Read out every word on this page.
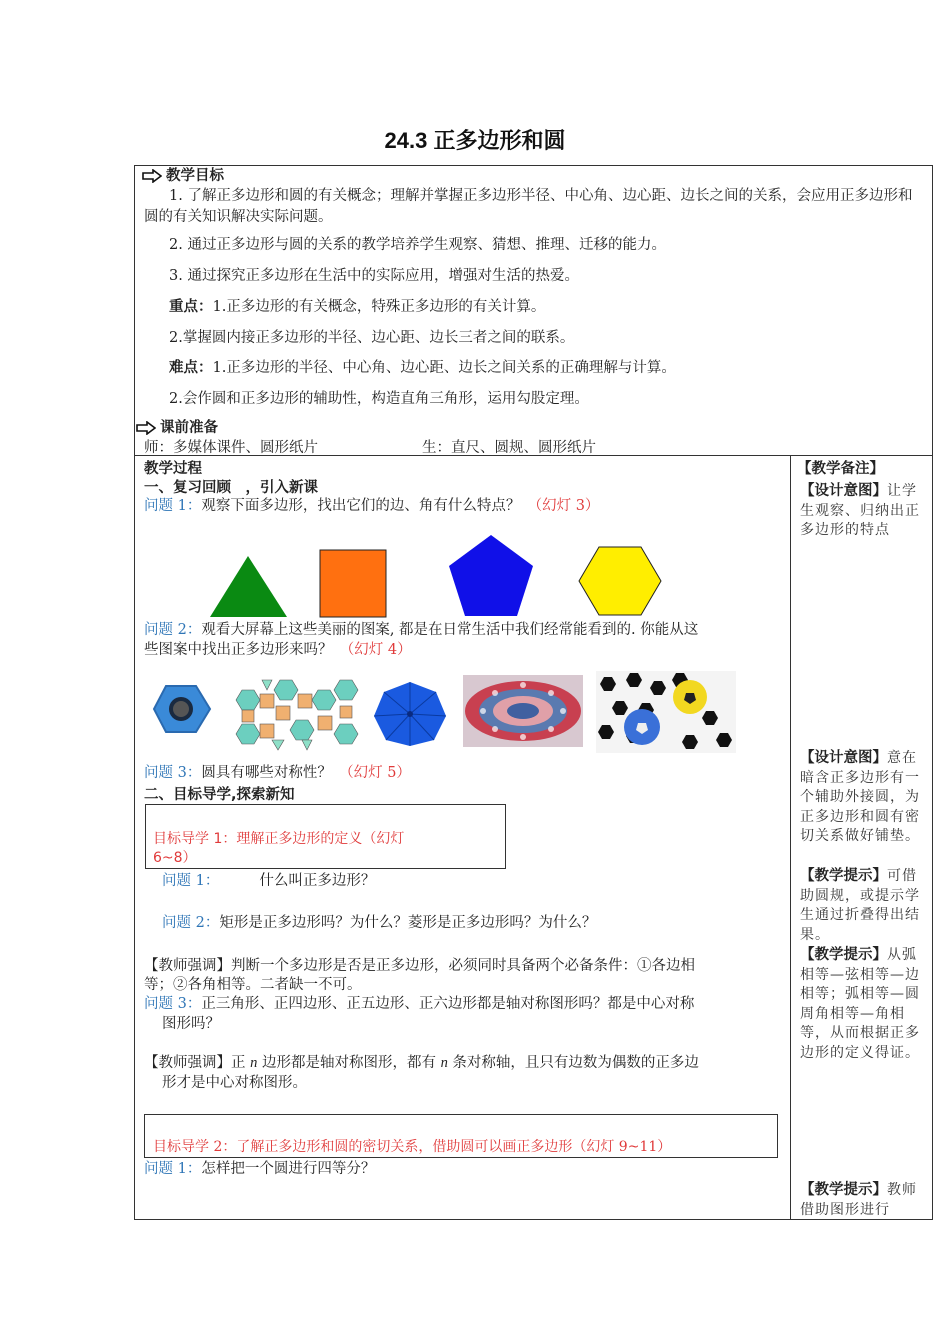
24.3 正多边形和圆
教学目标
1. 了解正多边形和圆的有关概念；理解并掌握正多边形半径、中心角、边心距、边长之间的关系，会应用正多边形和圆的有关知识解决实际问题。
2. 通过正多边形与圆的关系的教学培养学生观察、猜想、推理、迁移的能力。
3. 通过探究正多边形在生活中的实际应用，增强对生活的热爱。
重点：1.正多边形的有关概念，特殊正多边形的有关计算。
2.掌握圆内接正多边形的半径、边心距、边长三者之间的联系。
难点：1.正多边形的半径、中心角、边心距、边长之间关系的正确理解与计算。
2.会作圆和正多边形的辅助性，构造直角三角形，运用勾股定理。
课前准备
师：多媒体课件、圆形纸片	生：直尺、圆规、圆形纸片
教学过程
一、复习回顾　，引入新课
问题 1：观察下面多边形，找出它们的边、角有什么特点？　 （幻灯 3）
问题 2：观看大屏幕上这些美丽的图案, 都是在日常生活中我们经常能看到的. 你能从这
些图案中找出正多边形来吗？　 （幻灯 4）
问题 3：圆具有哪些对称性？　 （幻灯 5）
二、目标导学,探索新知
目标导学 1：理解正多边形的定义（幻灯
6~8）
问题 1：	什么叫正多边形？
问题 2：矩形是正多边形吗？为什么？菱形是正多边形吗？为什么？
【教师强调】判断一个多边形是否是正多边形，必须同时具备两个必备条件：①各边相
等；②各角相等。二者缺一不可。
问题 3：正三角形、正四边形、正五边形、正六边形都是轴对称图形吗？都是中心对称
图形吗？
【教师强调】正 n 边形都是轴对称图形，都有 n 条对称轴，且只有边数为偶数的正多边
形才是中心对称图形。
目标导学 2：了解正多边形和圆的密切关系，借助圆可以画正多边形（幻灯 9~11）
问题 1：怎样把一个圆进行四等分？
【教学备注】
【设计意图】让学生观察、归纳出正多边形的特点
【设计意图】意在暗含正多边形有一个辅助外接圆，为正多边形和圆有密切关系做好铺垫。
【教学提示】可借助圆规，或提示学生通过折叠得出结果。
【教学提示】从弧相等—弦相等—边相等；弧相等—圆周角相等—角相等，从而根据正多边形的定义得证。
【教学提示】教师借助图形进行
